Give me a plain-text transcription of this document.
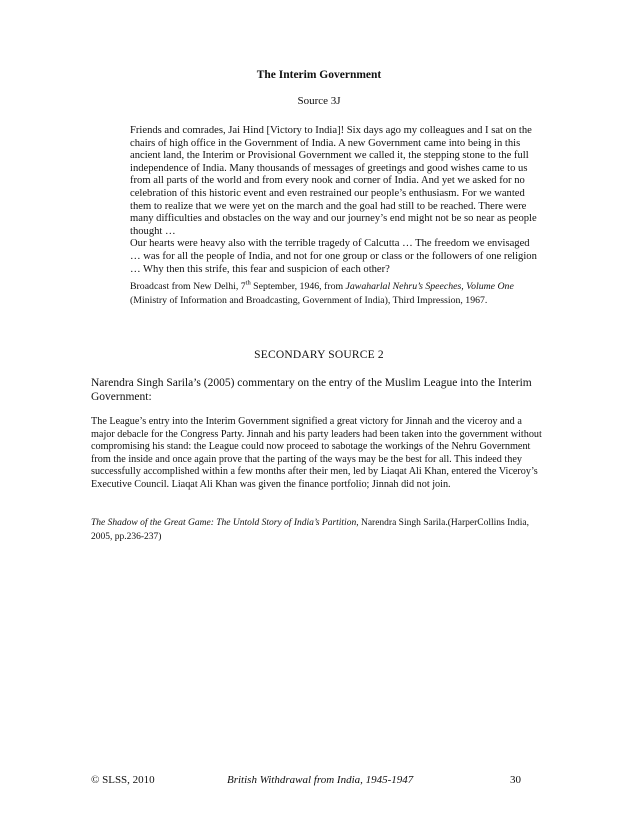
The Interim Government
Source 3J

Friends and comrades, Jai Hind [Victory to India]! Six days ago my colleagues and I sat on the chairs of high office in the Government of India. A new Government came into being in this ancient land, the Interim or Provisional Government we called it, the stepping stone to the full independence of India. Many thousands of messages of greetings and good wishes came to us from all parts of the world and from every nook and corner of India. And yet we asked for no celebration of this historic event and even restrained our people’s enthusiasm. For we wanted them to realize that we were yet on the march and the goal had still to be reached. There were many difficulties and obstacles on the way and our journey’s end might not be so near as people thought …

Our hearts were heavy also with the terrible tragedy of Calcutta … The freedom we envisaged … was for all the people of India, and not for one group or class or the followers of one religion … Why then this strife, this fear and suspicion of each other?

Broadcast from New Delhi, 7th September, 1946, from Jawaharlal Nehru’s Speeches, Volume One
(Ministry of Information and Broadcasting, Government of India), Third Impression, 1967.
SECONDARY SOURCE 2
Narendra Singh Sarila’s (2005) commentary on the entry of the Muslim League into the Interim Government:

The League’s entry into the Interim Government signified a great victory for Jinnah and the viceroy and a major debacle for the Congress Party. Jinnah and his party leaders had been taken into the government without compromising his stand: the League could now proceed to sabotage the workings of the Nehru Government from the inside and once again prove that the parting of the ways may be the best for all. This indeed they successfully accomplished within a few months after their men, led by Liaqat Ali Khan, entered the Viceroy’s Executive Council. Liaqat Ali Khan was given the finance portfolio; Jinnah did not join.

The Shadow of the Great Game: The Untold Story of India’s Partition, Narendra Singh Sarila.(HarperCollins India, 2005, pp.236-237)
© SLSS, 2010	British Withdrawal from India, 1945-1947	30
